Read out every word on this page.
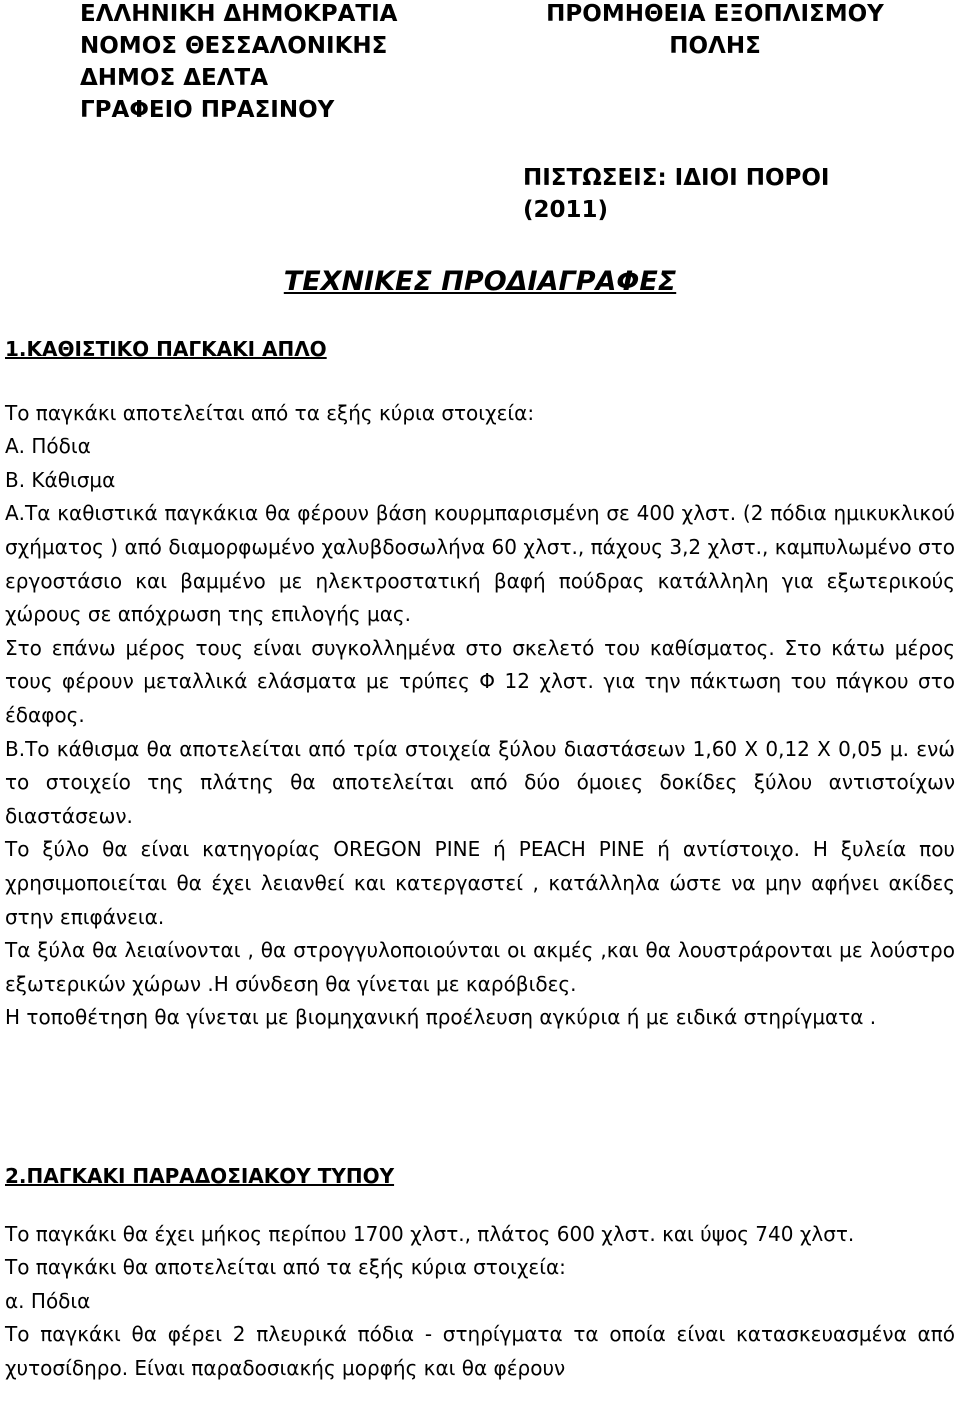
ΕΛΛΗΝΙΚΗ ΔΗΜΟΚΡΑΤΙΑ
ΝΟΜΟΣ ΘΕΣΣΑΛΟΝΙΚΗΣ
ΔΗΜΟΣ ΔΕΛΤΑ
ΓΡΑΦΕΙΟ ΠΡΑΣΙΝΟΥ
ΠΡΟΜΗΘΕΙΑ ΕΞΟΠΛΙΣΜΟΥ
ΠΟΛΗΣ
ΠΙΣΤΩΣΕΙΣ: ΙΔΙΟΙ ΠΟΡΟΙ
(2011)
ΤΕΧΝΙΚΕΣ ΠΡΟΔΙΑΓΡΑΦΕΣ

1.ΚΑΘΙΣΤΙΚΟ ΠΑΓΚΑΚΙ ΑΠΛΟ

Το παγκάκι αποτελείται από τα εξής κύρια στοιχεία:

Α. Πόδια

Β. Κάθισμα

Α.Τα καθιστικά παγκάκια θα φέρουν βάση κουρμπαρισμένη σε 400 χλστ. (2 πόδια ημικυκλικού σχήματος ) από διαμορφωμένο χαλυβδοσωλήνα 60 χλστ., πάχους 3,2 χλστ., καμπυλωμένο στο εργοστάσιο και βαμμένο με ηλεκτροστατική βαφή πούδρας κατάλληλη για εξωτερικούς χώρους σε απόχρωση της επιλογής μας.

Στο επάνω μέρος τους είναι συγκολλημένα στο σκελετό του καθίσματος. Στο κάτω μέρος τους φέρουν μεταλλικά ελάσματα με τρύπες Φ 12 χλστ. για την πάκτωση του πάγκου στο έδαφος.

Β.Το κάθισμα θα αποτελείται από τρία στοιχεία ξύλου διαστάσεων 1,60 Χ 0,12 Χ 0,05 μ. ενώ το στοιχείο της πλάτης θα αποτελείται από δύο όμοιες δοκίδες ξύλου αντιστοίχων διαστάσεων.

Το ξύλο θα είναι κατηγορίας OREGON PINE ή PEACH PINE ή αντίστοιχο. Η ξυλεία που χρησιμοποιείται θα έχει λειανθεί και κατεργαστεί , κατάλληλα ώστε να μην αφήνει ακίδες στην επιφάνεια.

Τα ξύλα θα λειαίνονται , θα στρογγυλοποιούνται οι ακμές ,και θα λουστράρονται με λούστρο εξωτερικών χώρων .Η σύνδεση θα γίνεται με καρόβιδες.

Η τοποθέτηση θα γίνεται με βιομηχανική προέλευση αγκύρια ή με ειδικά στηρίγματα .

2.ΠΑΓΚΑΚΙ ΠΑΡΑΔΟΣΙΑΚΟΥ ΤΥΠΟΥ

Το παγκάκι θα έχει μήκος περίπου 1700 χλστ., πλάτος 600 χλστ. και ύψος 740 χλστ.

Το παγκάκι θα αποτελείται από τα εξής κύρια στοιχεία:

α. Πόδια

Το παγκάκι θα φέρει 2 πλευρικά πόδια - στηρίγματα τα οποία είναι κατασκευασμένα από χυτοσίδηρο. Είναι παραδοσιακής μορφής και θα φέρουν
